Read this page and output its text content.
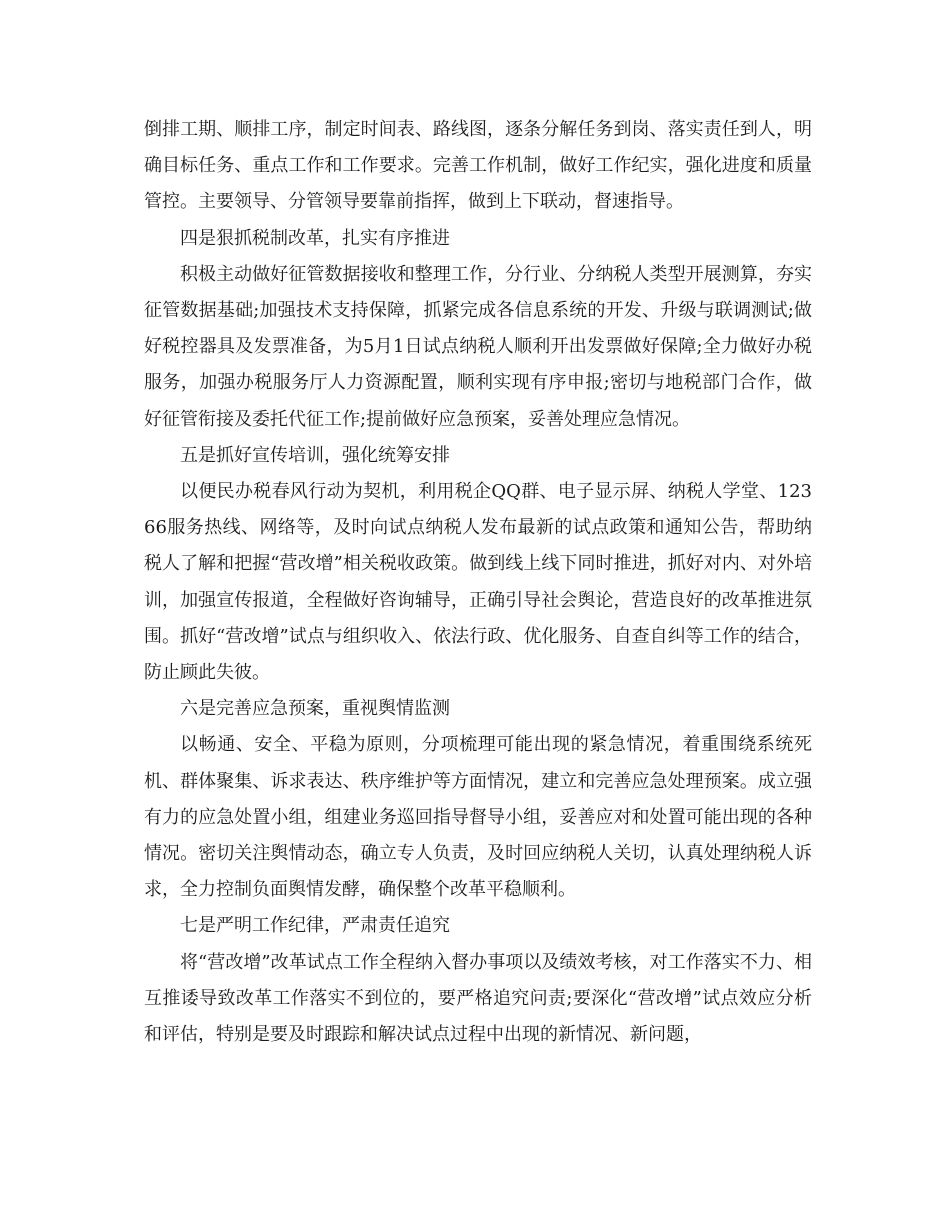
倒排工期、顺排工序，制定时间表、路线图，逐条分解任务到岗、落实责任到人，明确目标任务、重点工作和工作要求。完善工作机制，做好工作纪实，强化进度和质量管控。主要领导、分管领导要靠前指挥，做到上下联动，督速指导。

四是狠抓税制改革，扎实有序推进

积极主动做好征管数据接收和整理工作，分行业、分纳税人类型开展测算，夯实征管数据基础;加强技术支持保障，抓紧完成各信息系统的开发、升级与联调测试;做好税控器具及发票准备，为5月1日试点纳税人顺利开出发票做好保障;全力做好办税服务，加强办税服务厅人力资源配置，顺利实现有序申报;密切与地税部门合作，做好征管衔接及委托代征工作;提前做好应急预案，妥善处理应急情况。

五是抓好宣传培训，强化统筹安排

以便民办税春风行动为契机，利用税企QQ群、电子显示屏、纳税人学堂、12366服务热线、网络等，及时向试点纳税人发布最新的试点政策和通知公告，帮助纳税人了解和把握“营改增”相关税收政策。做到线上线下同时推进，抓好对内、对外培训，加强宣传报道，全程做好咨询辅导，正确引导社会舆论，营造良好的改革推进氛围。抓好“营改增”试点与组织收入、依法行政、优化服务、自查自纠等工作的结合，防止顾此失彼。

六是完善应急预案，重视舆情监测

以畅通、安全、平稳为原则，分项梳理可能出现的紧急情况，着重围绕系统死机、群体聚集、诉求表达、秩序维护等方面情况，建立和完善应急处理预案。成立强有力的应急处置小组，组建业务巡回指导督导小组，妥善应对和处置可能出现的各种情况。密切关注舆情动态，确立专人负责，及时回应纳税人关切，认真处理纳税人诉求，全力控制负面舆情发酵，确保整个改革平稳顺利。

七是严明工作纪律，严肃责任追究

将“营改增”改革试点工作全程纳入督办事项以及绩效考核，对工作落实不力、相互推诿导致改革工作落实不到位的，要严格追究问责;要深化“营改增”试点效应分析和评估，特别是要及时跟踪和解决试点过程中出现的新情况、新问题，
